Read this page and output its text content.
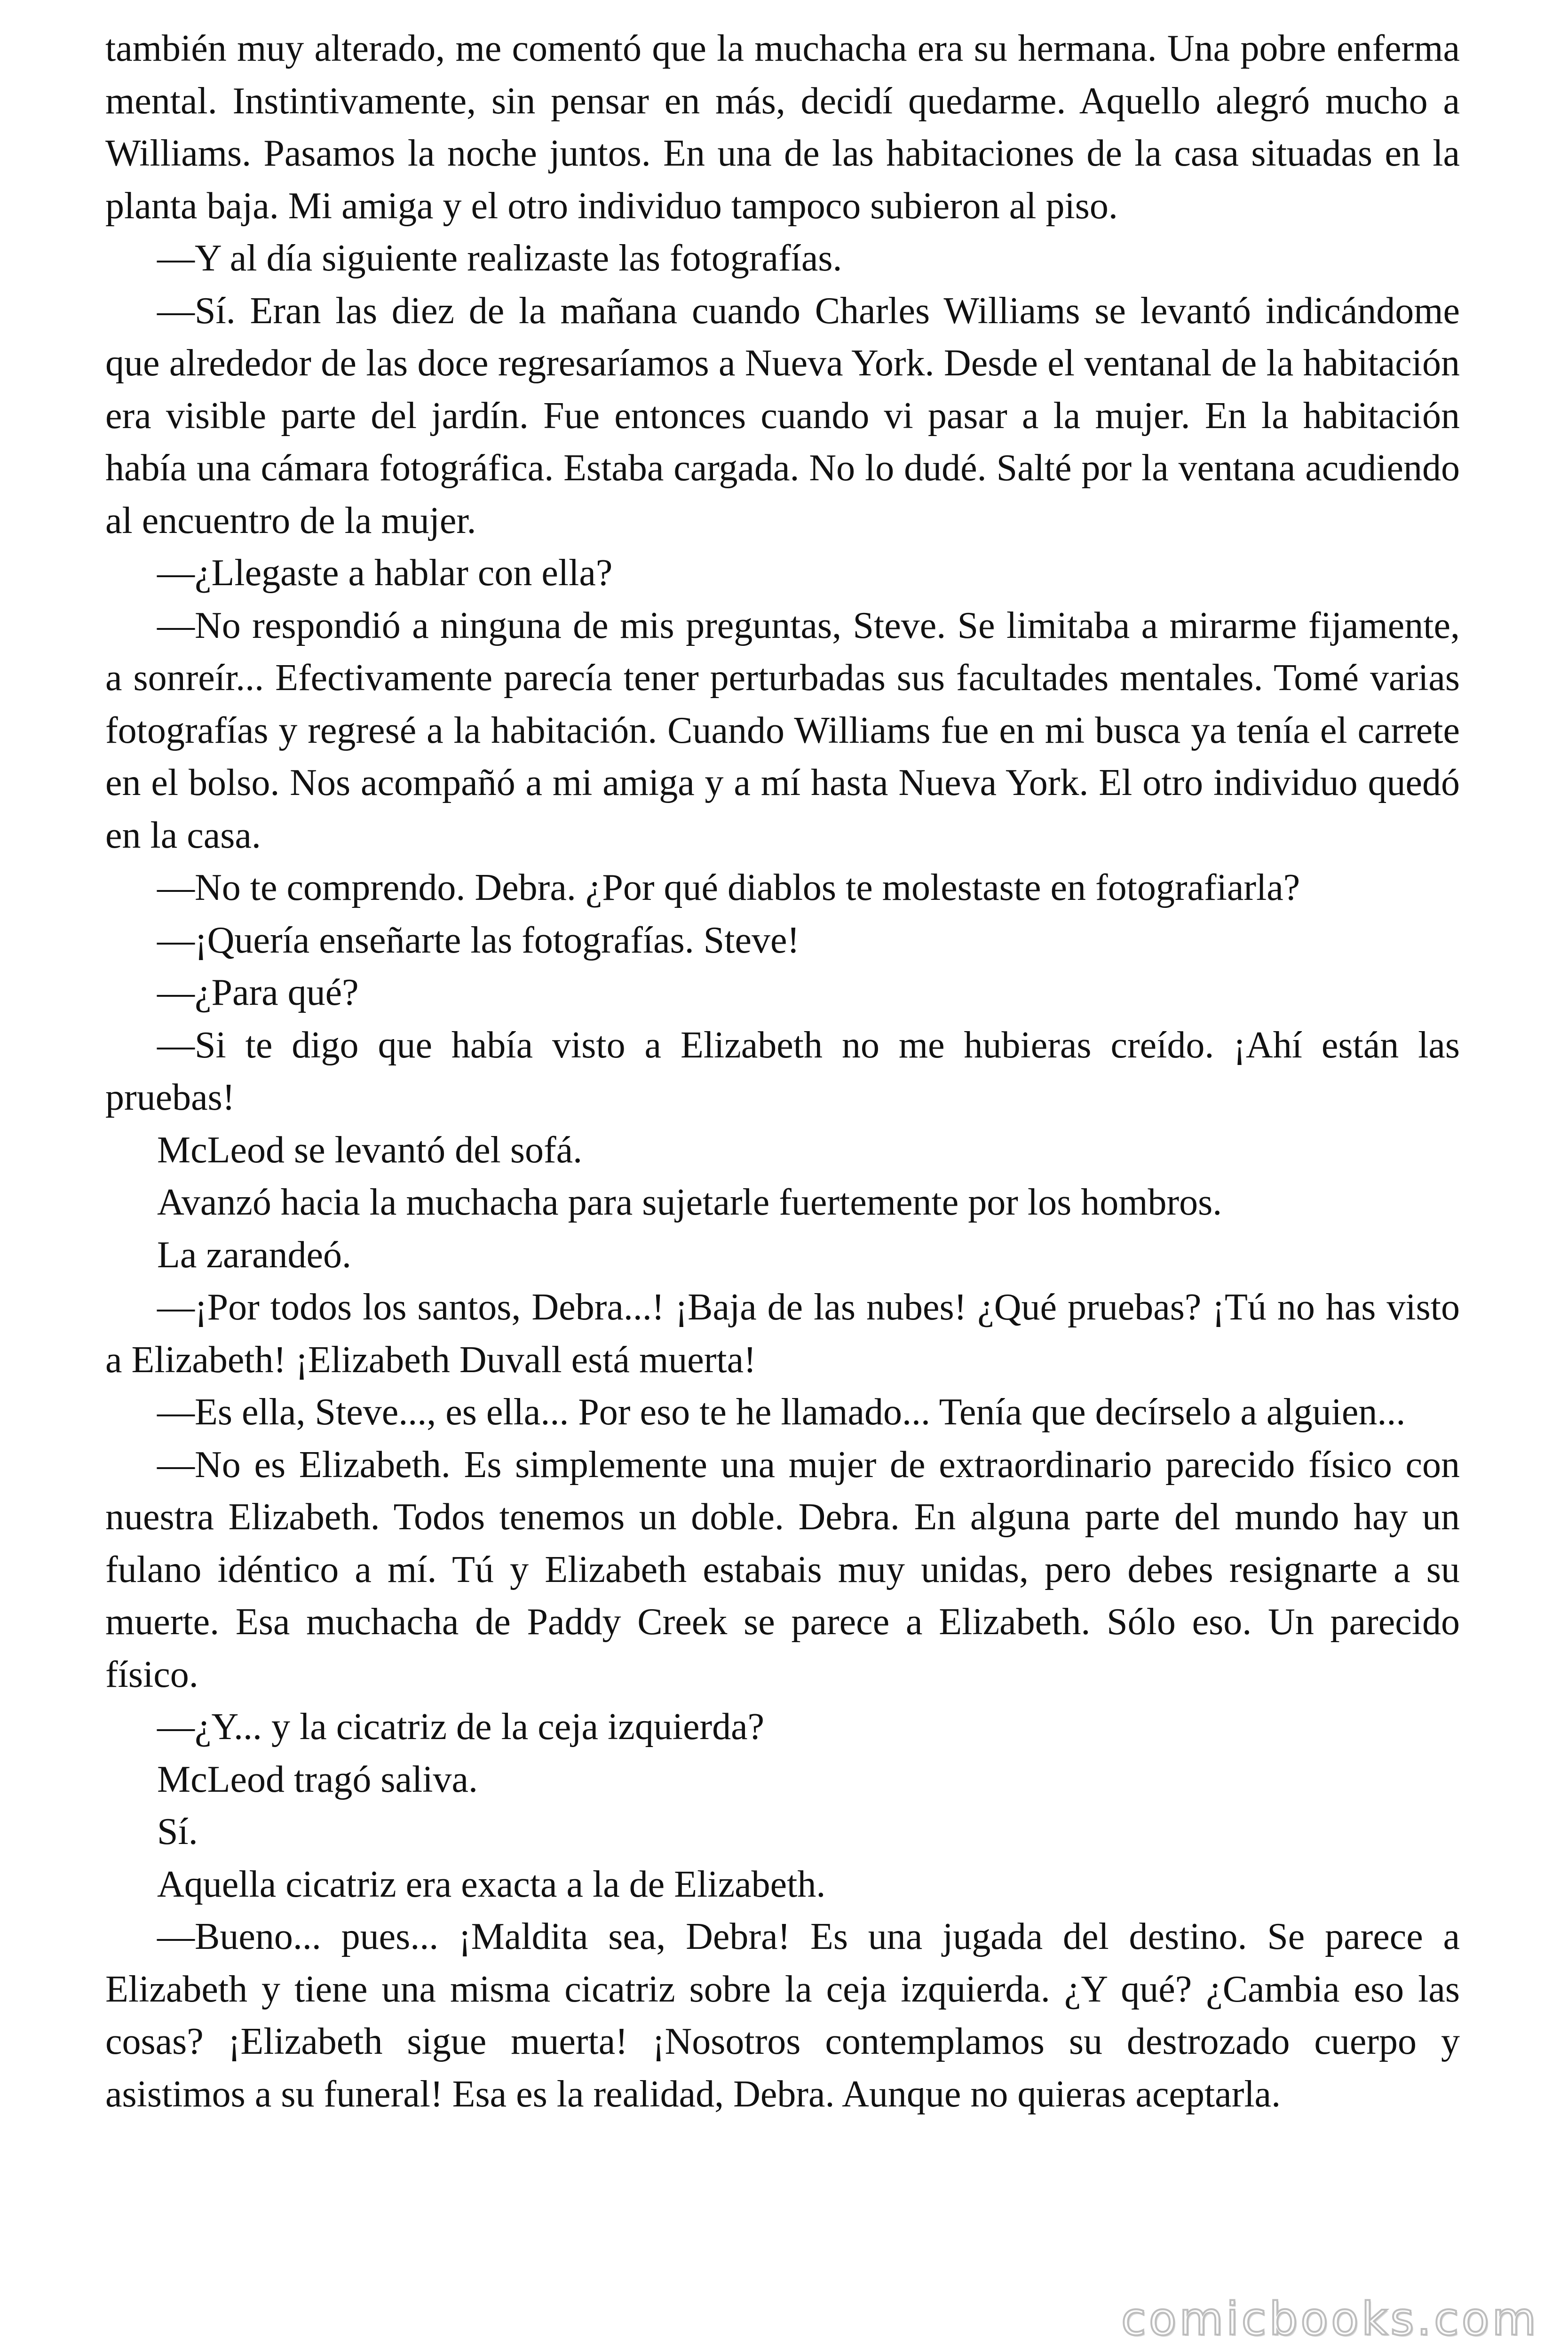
también muy alterado, me comentó que la muchacha era su hermana. Una pobre enferma mental. Instintivamente, sin pensar en más, decidí quedarme. Aquello alegró mucho a Williams. Pasamos la noche juntos. En una de las habitaciones de la casa situadas en la planta baja. Mi amiga y el otro individuo tampoco subieron al piso.

—Y al día siguiente realizaste las fotografías.

—Sí. Eran las diez de la mañana cuando Charles Williams se levantó indicándome que alrededor de las doce regresaríamos a Nueva York. Desde el ventanal de la habitación era visible parte del jardín. Fue entonces cuando vi pasar a la mujer. En la habitación había una cámara fotográfica. Estaba cargada. No lo dudé. Salté por la ventana acudiendo al encuentro de la mujer.

—¿Llegaste a hablar con ella?

—No respondió a ninguna de mis preguntas, Steve. Se limitaba a mirarme fijamente, a sonreír... Efectivamente parecía tener perturbadas sus facultades mentales. Tomé varias fotografías y regresé a la habitación. Cuando Williams fue en mi busca ya tenía el carrete en el bolso. Nos acompañó a mi amiga y a mí hasta Nueva York. El otro individuo quedó en la casa.

—No te comprendo. Debra. ¿Por qué diablos te molestaste en fotografiarla?

—¡Quería enseñarte las fotografías. Steve!

—¿Para qué?

—Si te digo que había visto a Elizabeth no me hubieras creído. ¡Ahí están las pruebas!

McLeod se levantó del sofá.

Avanzó hacia la muchacha para sujetarle fuertemente por los hombros.

La zarandeó.

—¡Por todos los santos, Debra...! ¡Baja de las nubes! ¿Qué pruebas? ¡Tú no has visto a Elizabeth! ¡Elizabeth Duvall está muerta!

—Es ella, Steve..., es ella... Por eso te he llamado... Tenía que decírselo a alguien...

—No es Elizabeth. Es simplemente una mujer de extraordinario parecido físico con nuestra Elizabeth. Todos tenemos un doble. Debra. En alguna parte del mundo hay un fulano idéntico a mí. Tú y Elizabeth estabais muy unidas, pero debes resignarte a su muerte. Esa muchacha de Paddy Creek se parece a Elizabeth. Sólo eso. Un parecido físico.

—¿Y... y la cicatriz de la ceja izquierda?

McLeod tragó saliva.

Sí.

Aquella cicatriz era exacta a la de Elizabeth.

—Bueno... pues... ¡Maldita sea, Debra! Es una jugada del destino. Se parece a Elizabeth y tiene una misma cicatriz sobre la ceja izquierda. ¿Y qué? ¿Cambia eso las cosas? ¡Elizabeth sigue muerta! ¡Nosotros contemplamos su destrozado cuerpo y asistimos a su funeral! Esa es la realidad, Debra. Aunque no quieras aceptarla.

comicbooks.com
